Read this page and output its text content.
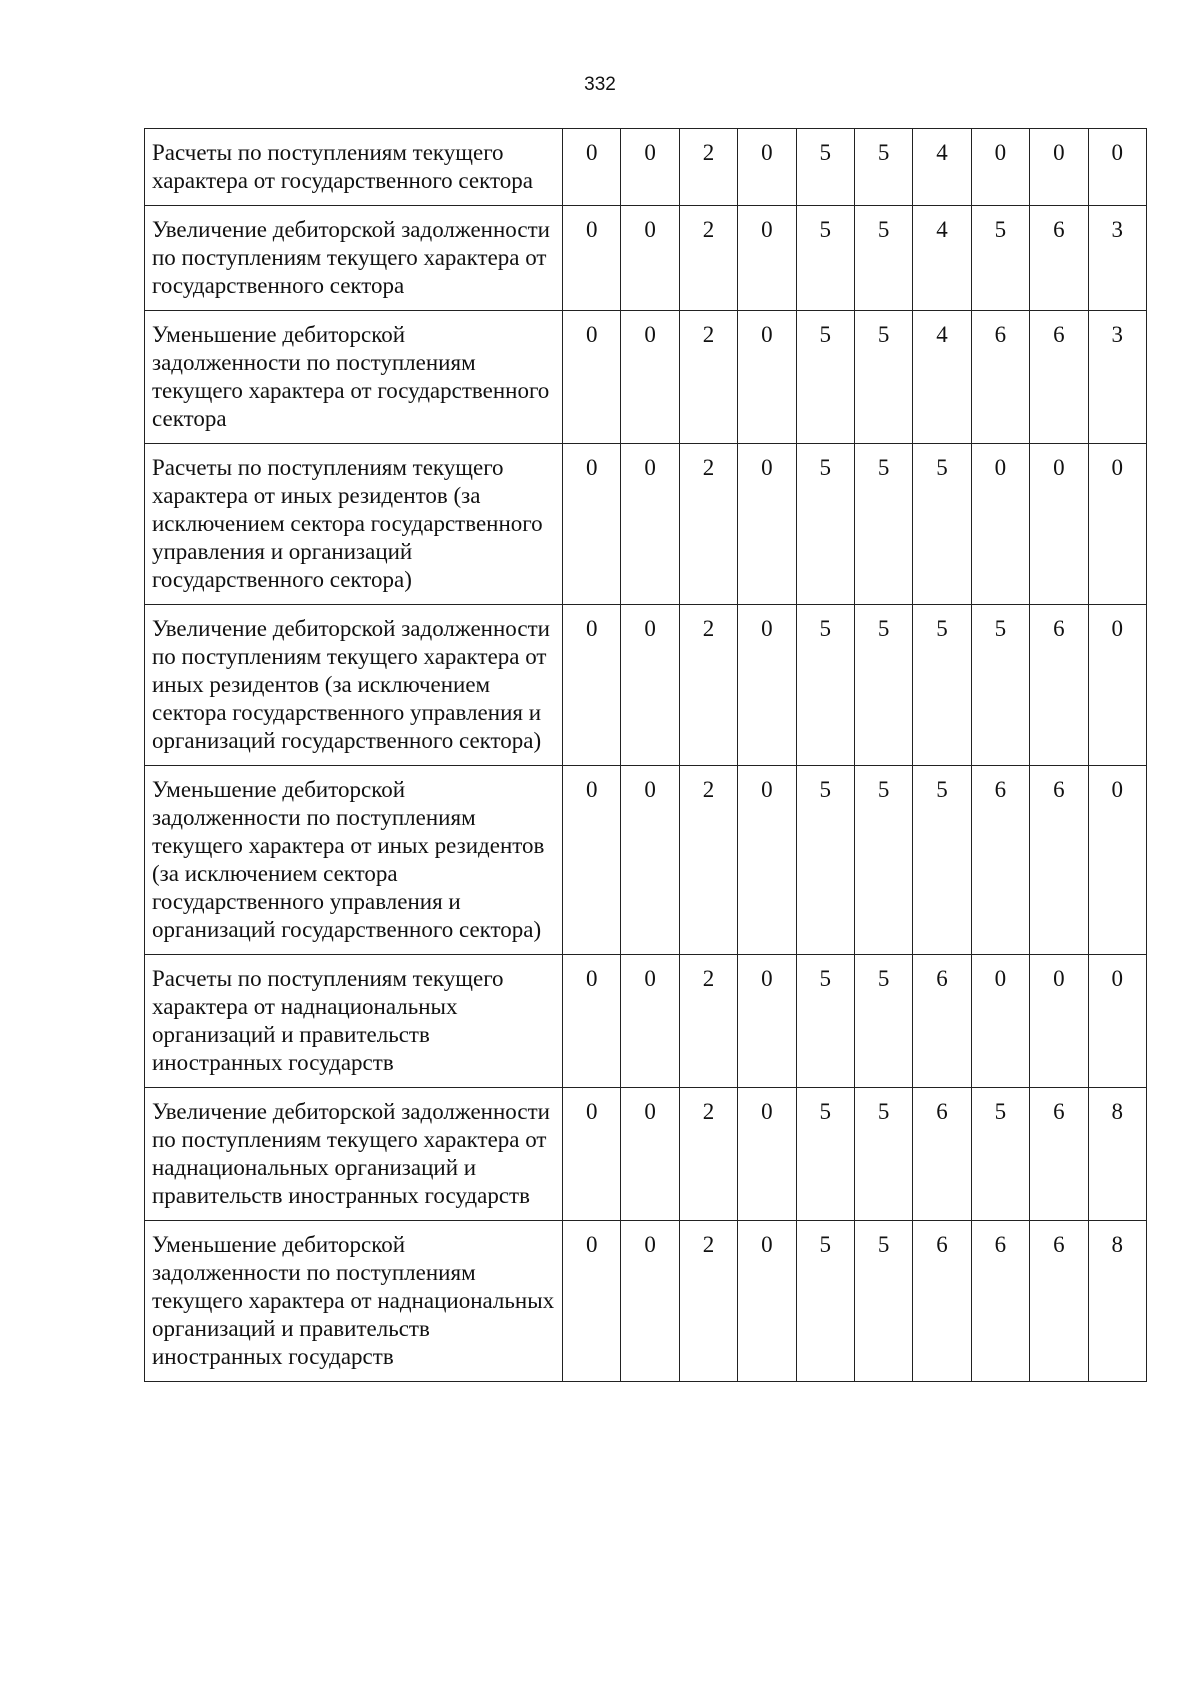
332
Расчеты по поступлениям текущего характера от государственного сектора	0	0	2	0	5	5	4	0	0	0
Увеличение дебиторской задолженности по поступлениям текущего характера от государственного сектора	0	0	2	0	5	5	4	5	6	3
Уменьшение дебиторской задолженности по поступлениям текущего характера от государственного сектора	0	0	2	0	5	5	4	6	6	3
Расчеты по поступлениям текущего характера от иных резидентов (за исключением сектора государственного управления и организаций государственного сектора)	0	0	2	0	5	5	5	0	0	0
Увеличение дебиторской задолженности по поступлениям текущего характера от иных резидентов (за исключением сектора государственного управления и организаций государственного сектора)	0	0	2	0	5	5	5	5	6	0
Уменьшение дебиторской задолженности по поступлениям текущего характера от иных резидентов (за исключением сектора государственного управления и организаций государственного сектора)	0	0	2	0	5	5	5	6	6	0
Расчеты по поступлениям текущего характера от наднациональных организаций и правительств иностранных государств	0	0	2	0	5	5	6	0	0	0
Увеличение дебиторской задолженности по поступлениям текущего характера от наднациональных организаций и правительств иностранных государств	0	0	2	0	5	5	6	5	6	8
Уменьшение дебиторской задолженности по поступлениям текущего характера от наднациональных организаций и правительств иностранных государств	0	0	2	0	5	5	6	6	6	8
